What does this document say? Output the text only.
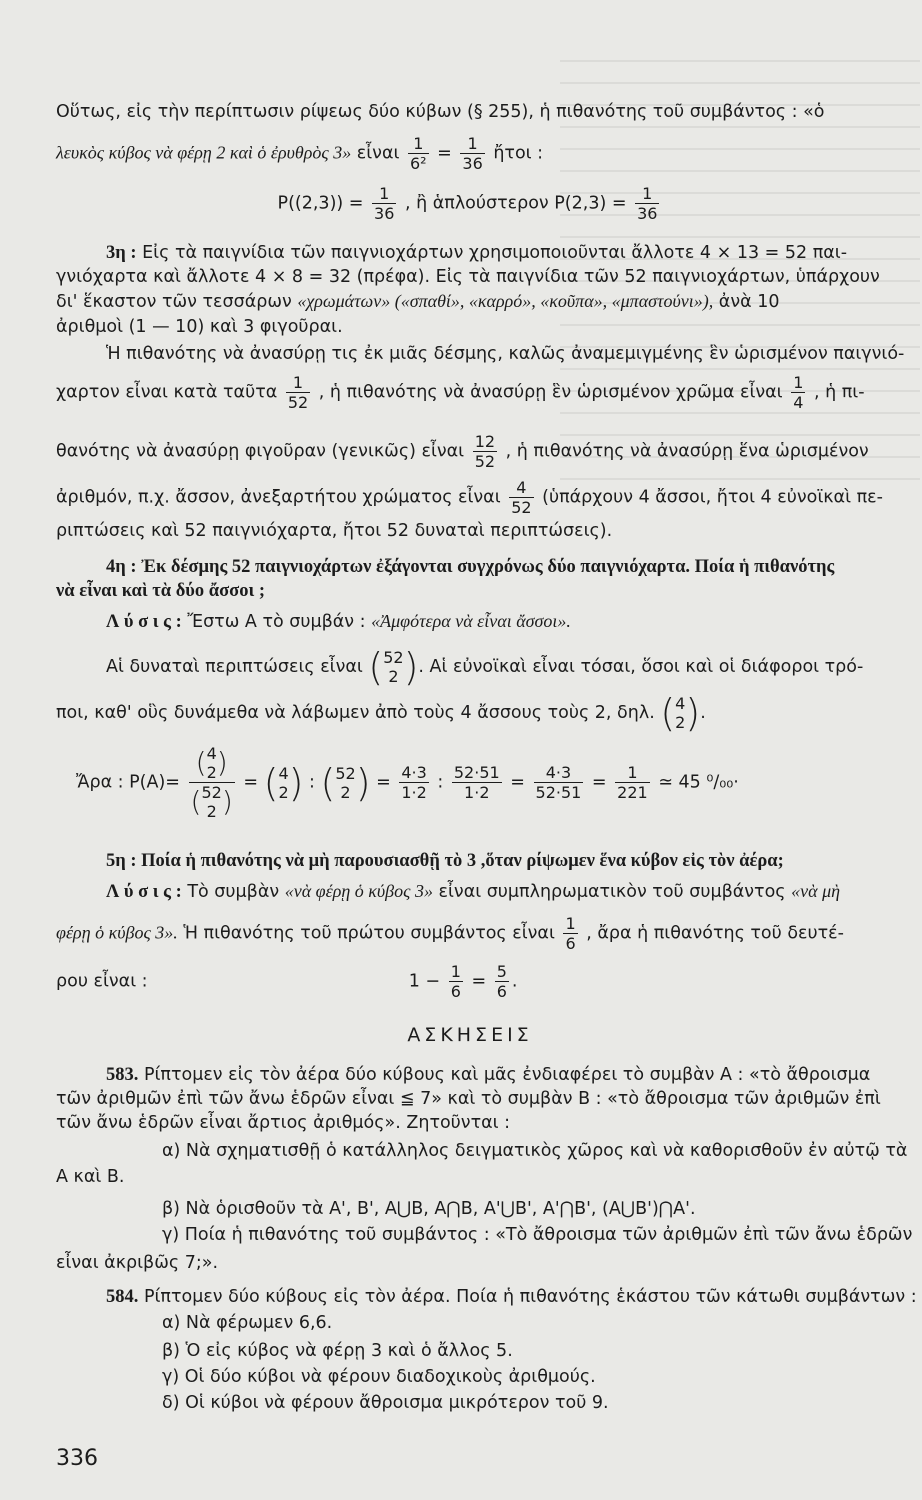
Οὕτως, εἰς τὴν περίπτωσιν ρίψεως δύο κύβων (§ 255), ἡ πιθανότης τοῦ συμβάντος : «ὁ
λευκὸς κύβος νὰ φέρῃ 2 καὶ ὁ ἐρυθρὸς 3» εἶναι $\frac{1}{\text{6²}} = \frac{1}{36}$ ἤτοι :
$P((2,3)) = \frac{1}{36}$ , ἢ ἁπλούστερον $P(2,3) = \frac{1}{36}$
3η : Εἰς τὰ παιγνίδια τῶν παιγνιοχάρτων χρησιμοποιοῦνται ἄλλοτε 4 × 13 = 52 παι-
γνιόχαρτα καὶ ἄλλοτε 4 × 8 = 32 (πρέφα). Εἰς τὰ παιγνίδια τῶν 52 παιγνιοχάρτων, ὑπάρχουν
δι' ἕκαστον τῶν τεσσάρων «χρωμάτων» («σπαθί», «καρρό», «κοῦπα», «μπαστούνι»), ἀνὰ 10
ἀριθμοὶ (1 — 10) καὶ 3 φιγοῦραι.
Ἡ πιθανότης νὰ ἀνασύρῃ τις ἐκ μιᾶς δέσμης, καλῶς ἀναμεμιγμένης ἓν ὡρισμένον παιγνιό-
χαρτον εἶναι κατὰ ταῦτα $\frac{1}{52}$ , ἡ πιθανότης νὰ ἀνασύρῃ ἓν ὡρισμένον χρῶμα εἶναι $\frac{1}{4}$ , ἡ πι-
θανότης νὰ ἀνασύρῃ φιγοῦραν (γενικῶς) εἶναι $\frac{12}{52}$ , ἡ πιθανότης νὰ ἀνασύρῃ ἕνα ὡρισμένον
ἀριθμόν, π.χ. ἄσσον, ἀνεξαρτήτου χρώματος εἶναι $\frac{4}{52}$ (ὑπάρχουν 4 ἄσσοι, ἤτοι 4 εὐνοϊκαὶ πε-
ριπτώσεις καὶ 52 παιγνιόχαρτα, ἤτοι 52 δυναταὶ περιπτώσεις).
4η : Ἐκ δέσμης 52 παιγνιοχάρτων ἐξάγονται συγχρόνως δύο παιγνιόχαρτα. Ποία ἡ πιθανότης
νὰ εἶναι καὶ τὰ δύο ἄσσοι ;
Λ ύ σ ι ς : Ἔστω Α τὸ συμβάν : «Ἀμφότερα νὰ εἶναι ἄσσοι».
Αἱ δυναταὶ περιπτώσεις εἶναι ( 52
2 ). Αἱ εὐνοϊκαὶ εἶναι τόσαι, ὅσοι καὶ οἱ διάφοροι τρό-
ποι, καθ' οὓς δυνάμεθα νὰ λάβωμεν ἀπὸ τοὺς 4 ἄσσους τοὺς 2, δηλ. ( 4
2 ).
Ἄρα : P(A)= ( 4
2 )
( 52
2 ) = ( 4
2 ) : ( 52
2 ) = $\frac{4\cdot 3}{1\cdot 2}$ : $\frac{52\cdot 51}{1\cdot 2} = \frac{4\cdot 3}{52\cdot 51} = \frac{1}{221}$ ≃ 45 ⁰/₀₀·
5η : Ποία ἡ πιθανότης νὰ μὴ παρουσιασθῇ τὸ 3 ,ὅταν ρίψωμεν ἕνα κύβον εἰς τὸν ἀέρα;
Λ ύ σ ι ς : Τὸ συμβὰν «νὰ φέρῃ ὁ κύβος 3» εἶναι συμπληρωματικὸν τοῦ συμβάντος «νὰ μὴ
φέρῃ ὁ κύβος 3». Ἡ πιθανότης τοῦ πρώτου συμβάντος εἶναι $\frac{1}{6}$ , ἄρα ἡ πιθανότης τοῦ δευτέ-
ρου εἶναι :	$1 - \frac{1}{6} = \frac{5}{6}$ .
ΑΣΚΗΣΕΙΣ
583. Ρίπτομεν εἰς τὸν ἀέρα δύο κύβους καὶ μᾶς ἐνδιαφέρει τὸ συμβὰν Α : «τὸ ἄθροισμα
τῶν ἀριθμῶν ἐπὶ τῶν ἄνω ἑδρῶν εἶναι ≦ 7» καὶ τὸ συμβὰν Β : «τὸ ἄθροισμα τῶν ἀριθμῶν ἐπὶ
τῶν ἄνω ἑδρῶν εἶναι ἄρτιος ἀριθμός». Ζητοῦνται :
α) Νὰ σχηματισθῇ ὁ κατάλληλος δειγματικὸς χῶρος καὶ νὰ καθορισθοῦν ἐν αὐτῷ τὰ
Α καὶ Β.
β) Νὰ ὁρισθοῦν τὰ A', B', A⋃B, A⋂B, A'⋃B', A'⋂B', (A⋃B')⋂A'.
γ) Ποία ἡ πιθανότης τοῦ συμβάντος : «Τὸ ἄθροισμα τῶν ἀριθμῶν ἐπὶ τῶν ἄνω ἑδρῶν
εἶναι ἀκριβῶς 7;».
584. Ρίπτομεν δύο κύβους εἰς τὸν ἀέρα. Ποία ἡ πιθανότης ἑκάστου τῶν κάτωθι συμβάντων :
α) Νὰ φέρωμεν 6,6.
β) Ὁ εἰς κύβος νὰ φέρῃ 3 καὶ ὁ ἄλλος 5.
γ) Οἱ δύο κύβοι νὰ φέρουν διαδοχικοὺς ἀριθμούς.
δ) Οἱ κύβοι νὰ φέρουν ἄθροισμα μικρότερον τοῦ 9.
336
